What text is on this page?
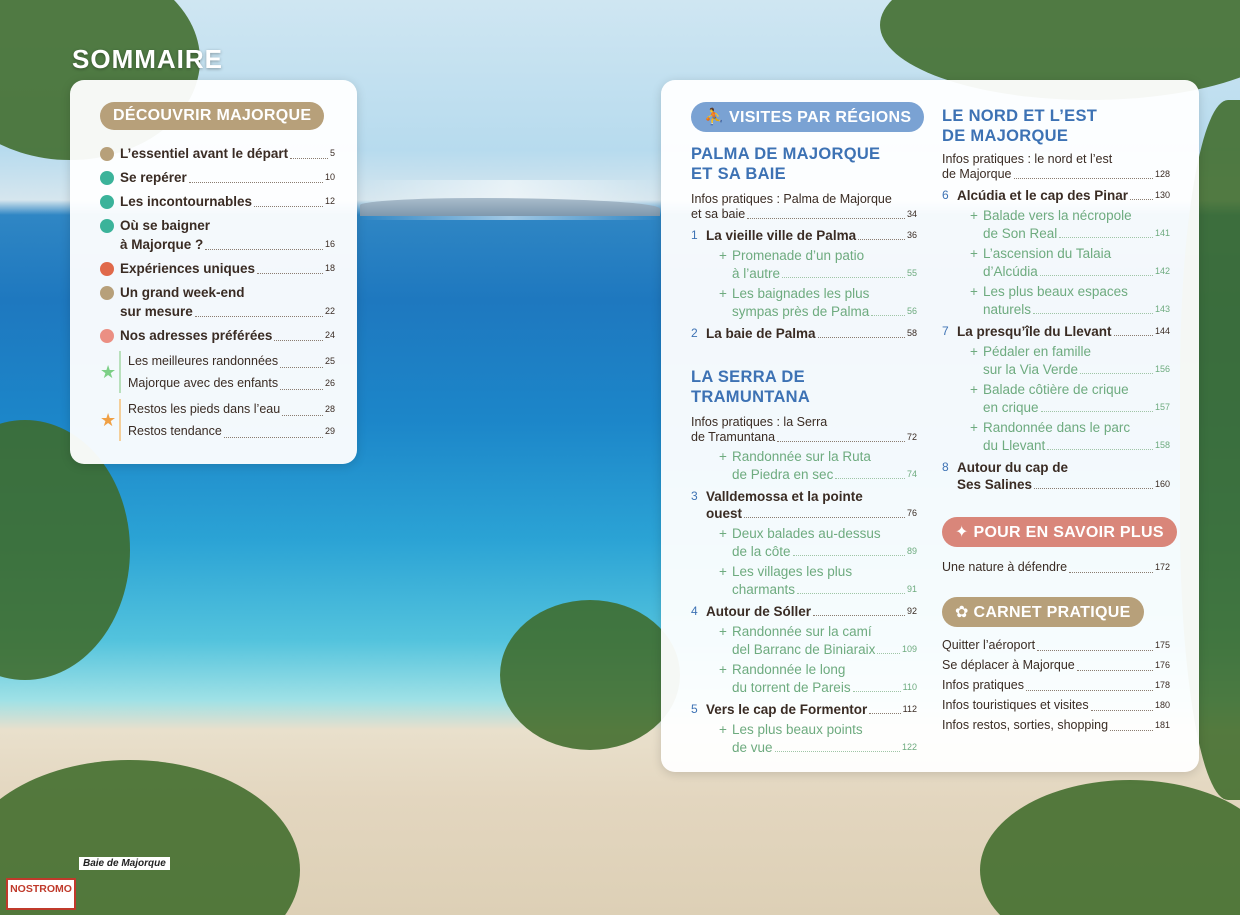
SOMMAIRE
DÉCOUVRIR MAJORQUE
L’essentiel avant le départ	5
Se repérer	10
Les incontournables	12
Où se baigner
à Majorque ?	16
Expériences uniques	18
Un grand week-end
sur mesure	22
Nos adresses préférées	24
★
Les meilleures randonnées	25
Majorque avec des enfants	26
★
Restos les pieds dans l’eau	28
Restos tendance	29
⛹ VISITES PAR RÉGIONS
PALMA DE MAJORQUE
ET SA BAIE
Infos pratiques : Palma de Majorque
et sa baie	34
1 La vieille ville de Palma	36
+ Promenade d’un patio
à l’autre	55
+ Les baignades les plus
sympas près de Palma	56
2 La baie de Palma	58
LA SERRA DE
TRAMUNTANA
Infos pratiques : la Serra
de Tramuntana	72
+ Randonnée sur la Ruta
de Piedra en sec	74
3 Valldemossa et la pointe
ouest	76
+ Deux balades au-dessus
de la côte	89
+ Les villages les plus
charmants	91
4 Autour de Sóller	92
+ Randonnée sur la camí
del Barranc de Biniaraix	109
+ Randonnée le long
du torrent de Pareis	110
5 Vers le cap de Formentor	112
+ Les plus beaux points
de vue	122
LE NORD ET L’EST
DE MAJORQUE
Infos pratiques : le nord et l’est
de Majorque	128
6 Alcúdia et le cap des Pinar	130
+ Balade vers la nécropole
de Son Real	141
+ L’ascension du Talaia
d’Alcúdia	142
+ Les plus beaux espaces
naturels	143
7 La presqu’île du Llevant	144
+ Pédaler en famille
sur la Via Verde	156
+ Balade côtière de crique
en crique	157
+ Randonnée dans le parc
du Llevant	158
8 Autour du cap de
Ses Salines	160
✦ POUR EN SAVOIR PLUS
Une nature à défendre	172
✿ CARNET PRATIQUE
Quitter l’aéroport	175
Se déplacer à Majorque	176
Infos pratiques	178
Infos touristiques et visites	180
Infos restos, sorties, shopping	181
Baie de Majorque
NOSTROMO
